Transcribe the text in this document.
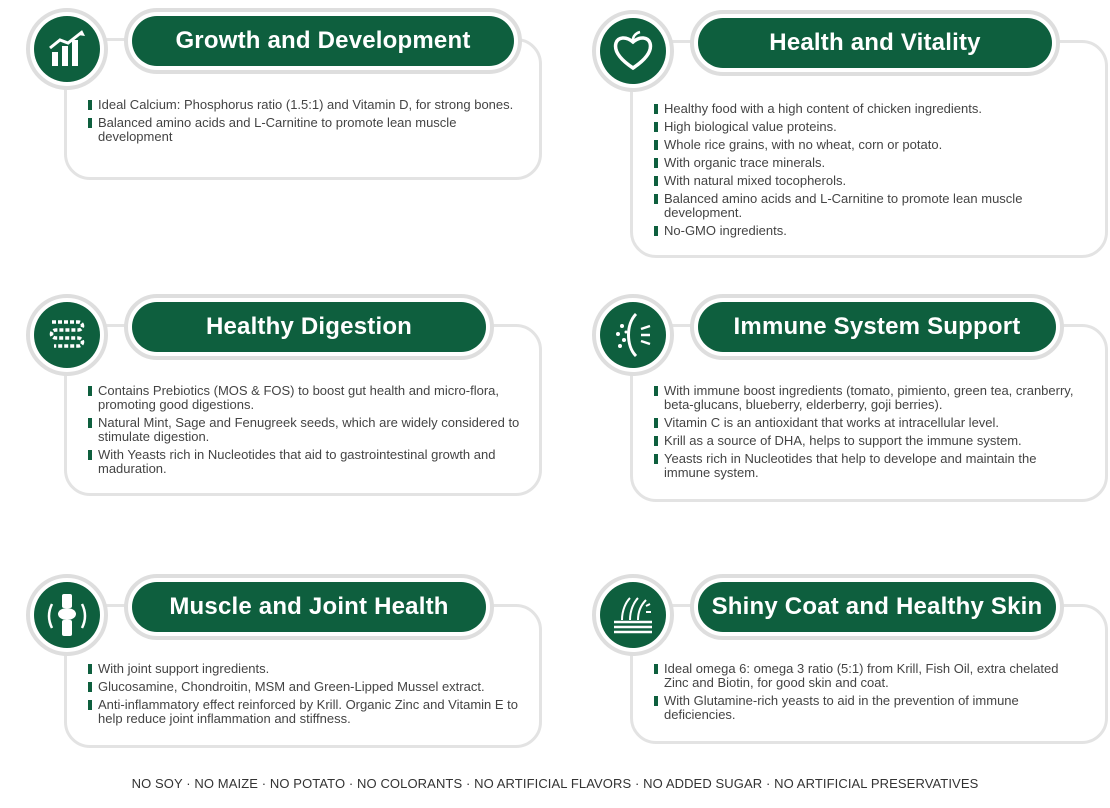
Growth and Development
Ideal Calcium: Phosphorus ratio (1.5:1) and Vitamin D, for strong bones.
Balanced amino acids and L-Carnitine to promote lean muscle development
Health and Vitality
Healthy food with a high content of chicken ingredients.
High biological value proteins.
Whole rice grains, with no wheat, corn or potato.
With organic trace minerals.
With natural mixed tocopherols.
Balanced amino acids and L-Carnitine to promote lean muscle development.
No-GMO ingredients.
Healthy Digestion
Contains Prebiotics (MOS & FOS) to boost gut health and micro-flora, promoting good digestions.
Natural Mint, Sage and Fenugreek seeds, which are widely considered to stimulate digestion.
With Yeasts rich in Nucleotides that aid to gastrointestinal growth and maduration.
Immune System Support
With immune boost ingredients (tomato, pimiento, green tea, cranberry, beta-glucans, blueberry, elderberry, goji berries).
Vitamin C is an antioxidant that works at intracellular level.
Krill as a source of DHA, helps to support the immune system.
Yeasts rich in Nucleotides that help to develope and maintain the immune system.
Muscle and Joint Health
With joint support ingredients.
Glucosamine, Chondroitin, MSM and Green-Lipped Mussel extract.
Anti-inflammatory effect reinforced by Krill. Organic Zinc and Vitamin E to help reduce joint inflammation and stiffness.
Shiny Coat and Healthy Skin
Ideal omega 6: omega 3 ratio (5:1) from Krill, Fish Oil, extra chelated Zinc and Biotin, for good skin and coat.
With Glutamine-rich yeasts to aid in the prevention of immune deficiencies.
NO SOY · NO MAIZE · NO POTATO · NO COLORANTS · NO ARTIFICIAL FLAVORS · NO ADDED SUGAR · NO ARTIFICIAL PRESERVATIVES
